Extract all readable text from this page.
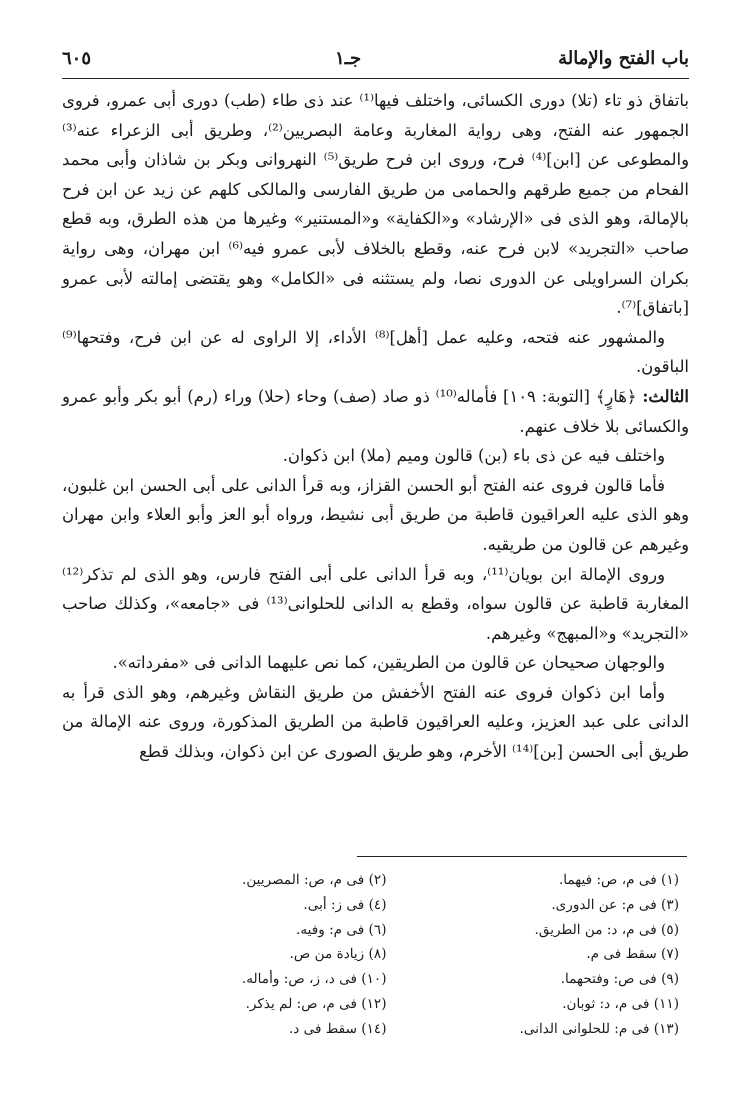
باب الفتح والإمالة
جـ١
٦٠٥

باتفاق ذو تاء (تلا) دورى الكسائى، واختلف فيها⁽¹⁾ عند ذى طاء (طب) دورى أبى عمرو، فروى الجمهور عنه الفتح، وهى رواية المغاربة وعامة البصريين⁽²⁾، وطريق أبى الزعراء عنه⁽³⁾ والمطوعى عن [ابن]⁽⁴⁾ فرح، وروى ابن فرح طريق⁽⁵⁾ النهروانى وبكر بن شاذان وأبى محمد الفحام من جميع طرقهم والحمامى من طريق الفارسى والمالكى كلهم عن زيد عن ابن فرح بالإمالة، وهو الذى فى «الإرشاد» و«الكفاية» و«المستنير» وغيرها من هذه الطرق، وبه قطع صاحب «التجريد» لابن فرح عنه، وقطع بالخلاف لأبى عمرو فيه⁽⁶⁾ ابن مهران، وهى رواية بكران السراويلى عن الدورى نصا، ولم يستثنه فى «الكامل» وهو يقتضى إمالته لأبى عمرو [باتفاق]⁽⁷⁾.

والمشهور عنه فتحه، وعليه عمل [أهل]⁽⁸⁾ الأداء، إلا الراوى له عن ابن فرح، وفتحها⁽⁹⁾ الباقون.

الثالث: ﴿هَارٍ﴾ [التوبة: ١٠٩] فأماله⁽¹⁰⁾ ذو صاد (صف) وحاء (حلا) وراء (رم) أبو بكر وأبو عمرو والكسائى بلا خلاف عنهم.

واختلف فيه عن ذى باء (بن) قالون وميم (ملا) ابن ذكوان.

فأما قالون فروى عنه الفتح أبو الحسن القزاز، وبه قرأ الدانى على أبى الحسن ابن غلبون، وهو الذى عليه العراقيون قاطبة من طريق أبى نشيط، ورواه أبو العز وأبو العلاء وابن مهران وغيرهم عن قالون من طريقيه.

وروى الإمالة ابن بويان⁽¹¹⁾، وبه قرأ الدانى على أبى الفتح فارس، وهو الذى لم تذكر⁽¹²⁾ المغاربة قاطبة عن قالون سواه، وقطع به الدانى للحلوانى⁽¹³⁾ فى «جامعه»، وكذلك صاحب «التجريد» و«المبهج» وغيرهم.

والوجهان صحيحان عن قالون من الطريقين، كما نص عليهما الدانى فى «مفرداته».

وأما ابن ذكوان فروى عنه الفتح الأخفش من طريق النقاش وغيرهم، وهو الذى قرأ به الدانى على عبد العزيز، وعليه العراقيون قاطبة من الطريق المذكورة، وروى عنه الإمالة من طريق أبى الحسن [بن]⁽¹⁴⁾ الأخرم، وهو طريق الصورى عن ابن ذكوان، وبذلك قطع

(١) فى م، ص: فيهما.
(٢) فى م، ص: المصريين.
(٣) فى م: عن الدورى.
(٤) فى ز: أبى.
(٥) فى م، د: من الطريق.
(٦) فى م: وفيه.
(٧) سقط فى م.
(٨) زيادة من ص.
(٩) فى ص: وفتحهما.
(١٠) فى د، ز، ص: وأماله.
(١١) فى م، د: ثوبان.
(١٢) فى م، ص: لم يذكر.
(١٣) فى م: للحلوانى الدانى.
(١٤) سقط فى د.
